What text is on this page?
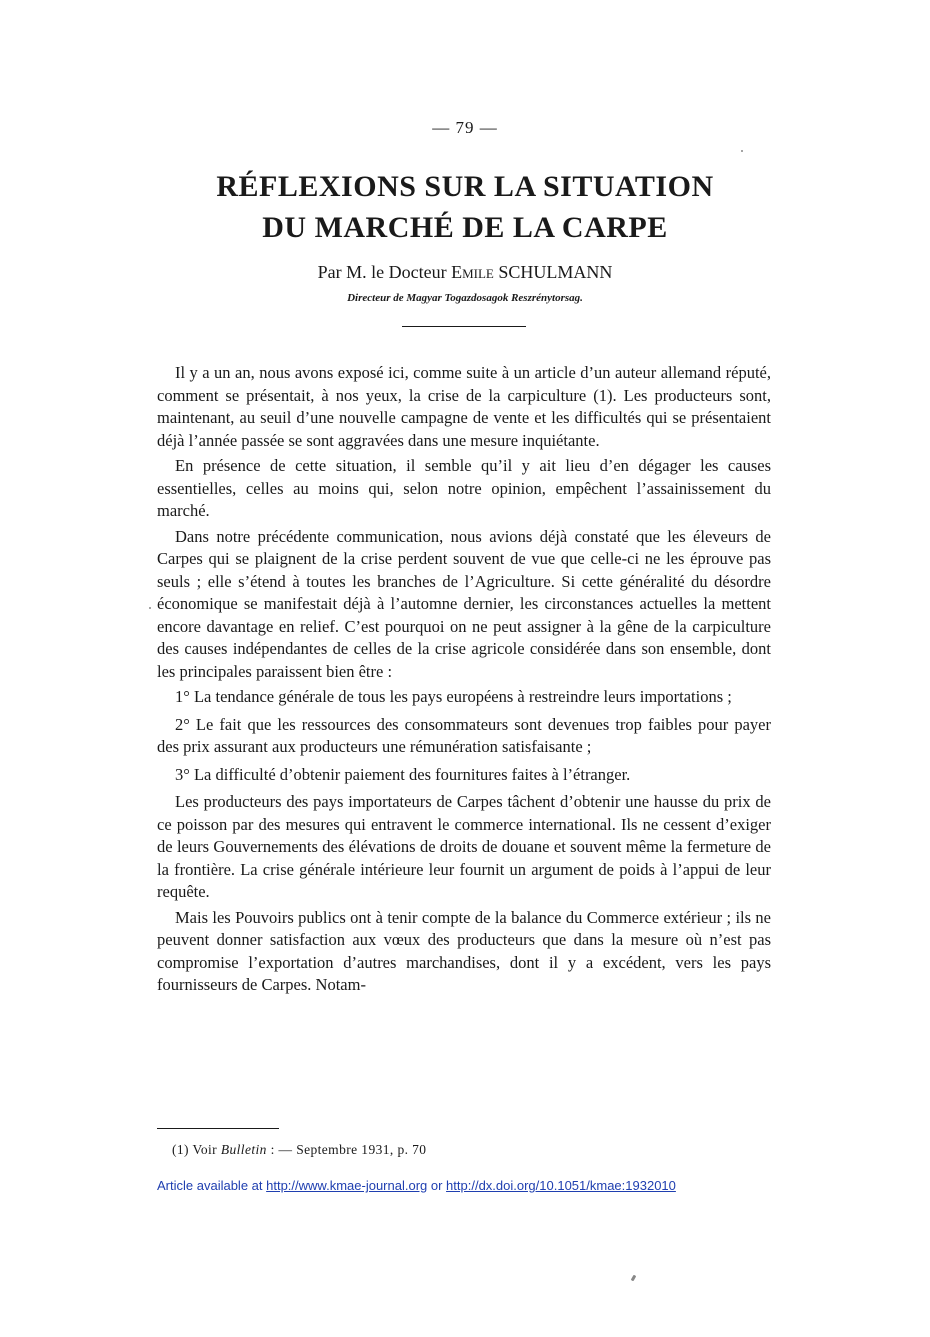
— 79 —
RÉFLEXIONS SUR LA SITUATION
DU MARCHÉ DE LA CARPE
Par M. le Docteur Emile SCHULMANN
Directeur de Magyar Togazdosagok Reszrénytorsag.

Il y a un an, nous avons exposé ici, comme suite à un article d’un auteur allemand réputé, comment se présentait, à nos yeux, la crise de la carpiculture (1). Les producteurs sont, maintenant, au seuil d’une nouvelle campagne de vente et les difficultés qui se présentaient déjà l’année passée se sont aggravées dans une mesure inquiétante.

En présence de cette situation, il semble qu’il y ait lieu d’en dégager les causes essentielles, celles au moins qui, selon notre opinion, empêchent l’assainissement du marché.

Dans notre précédente communication, nous avions déjà constaté que les éleveurs de Carpes qui se plaignent de la crise perdent souvent de vue que celle-ci ne les éprouve pas seuls ; elle s’étend à toutes les branches de l’Agriculture. Si cette généralité du désordre économique se manifestait déjà à l’automne dernier, les circonstances actuelles la mettent encore davantage en relief. C’est pourquoi on ne peut assigner à la gêne de la carpiculture des causes indépendantes de celles de la crise agricole considérée dans son ensemble, dont les principales paraissent bien être :

1° La tendance générale de tous les pays européens à restreindre leurs importations ;

2° Le fait que les ressources des consommateurs sont devenues trop faibles pour payer des prix assurant aux producteurs une rémunération satisfaisante ;

3° La difficulté d’obtenir paiement des fournitures faites à l’étranger.

Les producteurs des pays importateurs de Carpes tâchent d’obtenir une hausse du prix de ce poisson par des mesures qui entravent le commerce international. Ils ne cessent d’exiger de leurs Gouvernements des élévations de droits de douane et souvent même la fermeture de la frontière. La crise générale intérieure leur fournit un argument de poids à l’appui de leur requête.

Mais les Pouvoirs publics ont à tenir compte de la balance du Commerce extérieur ; ils ne peuvent donner satisfaction aux vœux des producteurs que dans la mesure où n’est pas compromise l’exportation d’autres marchandises, dont il y a excédent, vers les pays fournisseurs de Carpes. Notam-

(1) Voir Bulletin : — Septembre 1931, p. 70
Article available at http://www.kmae-journal.org or http://dx.doi.org/10.1051/kmae:1932010
